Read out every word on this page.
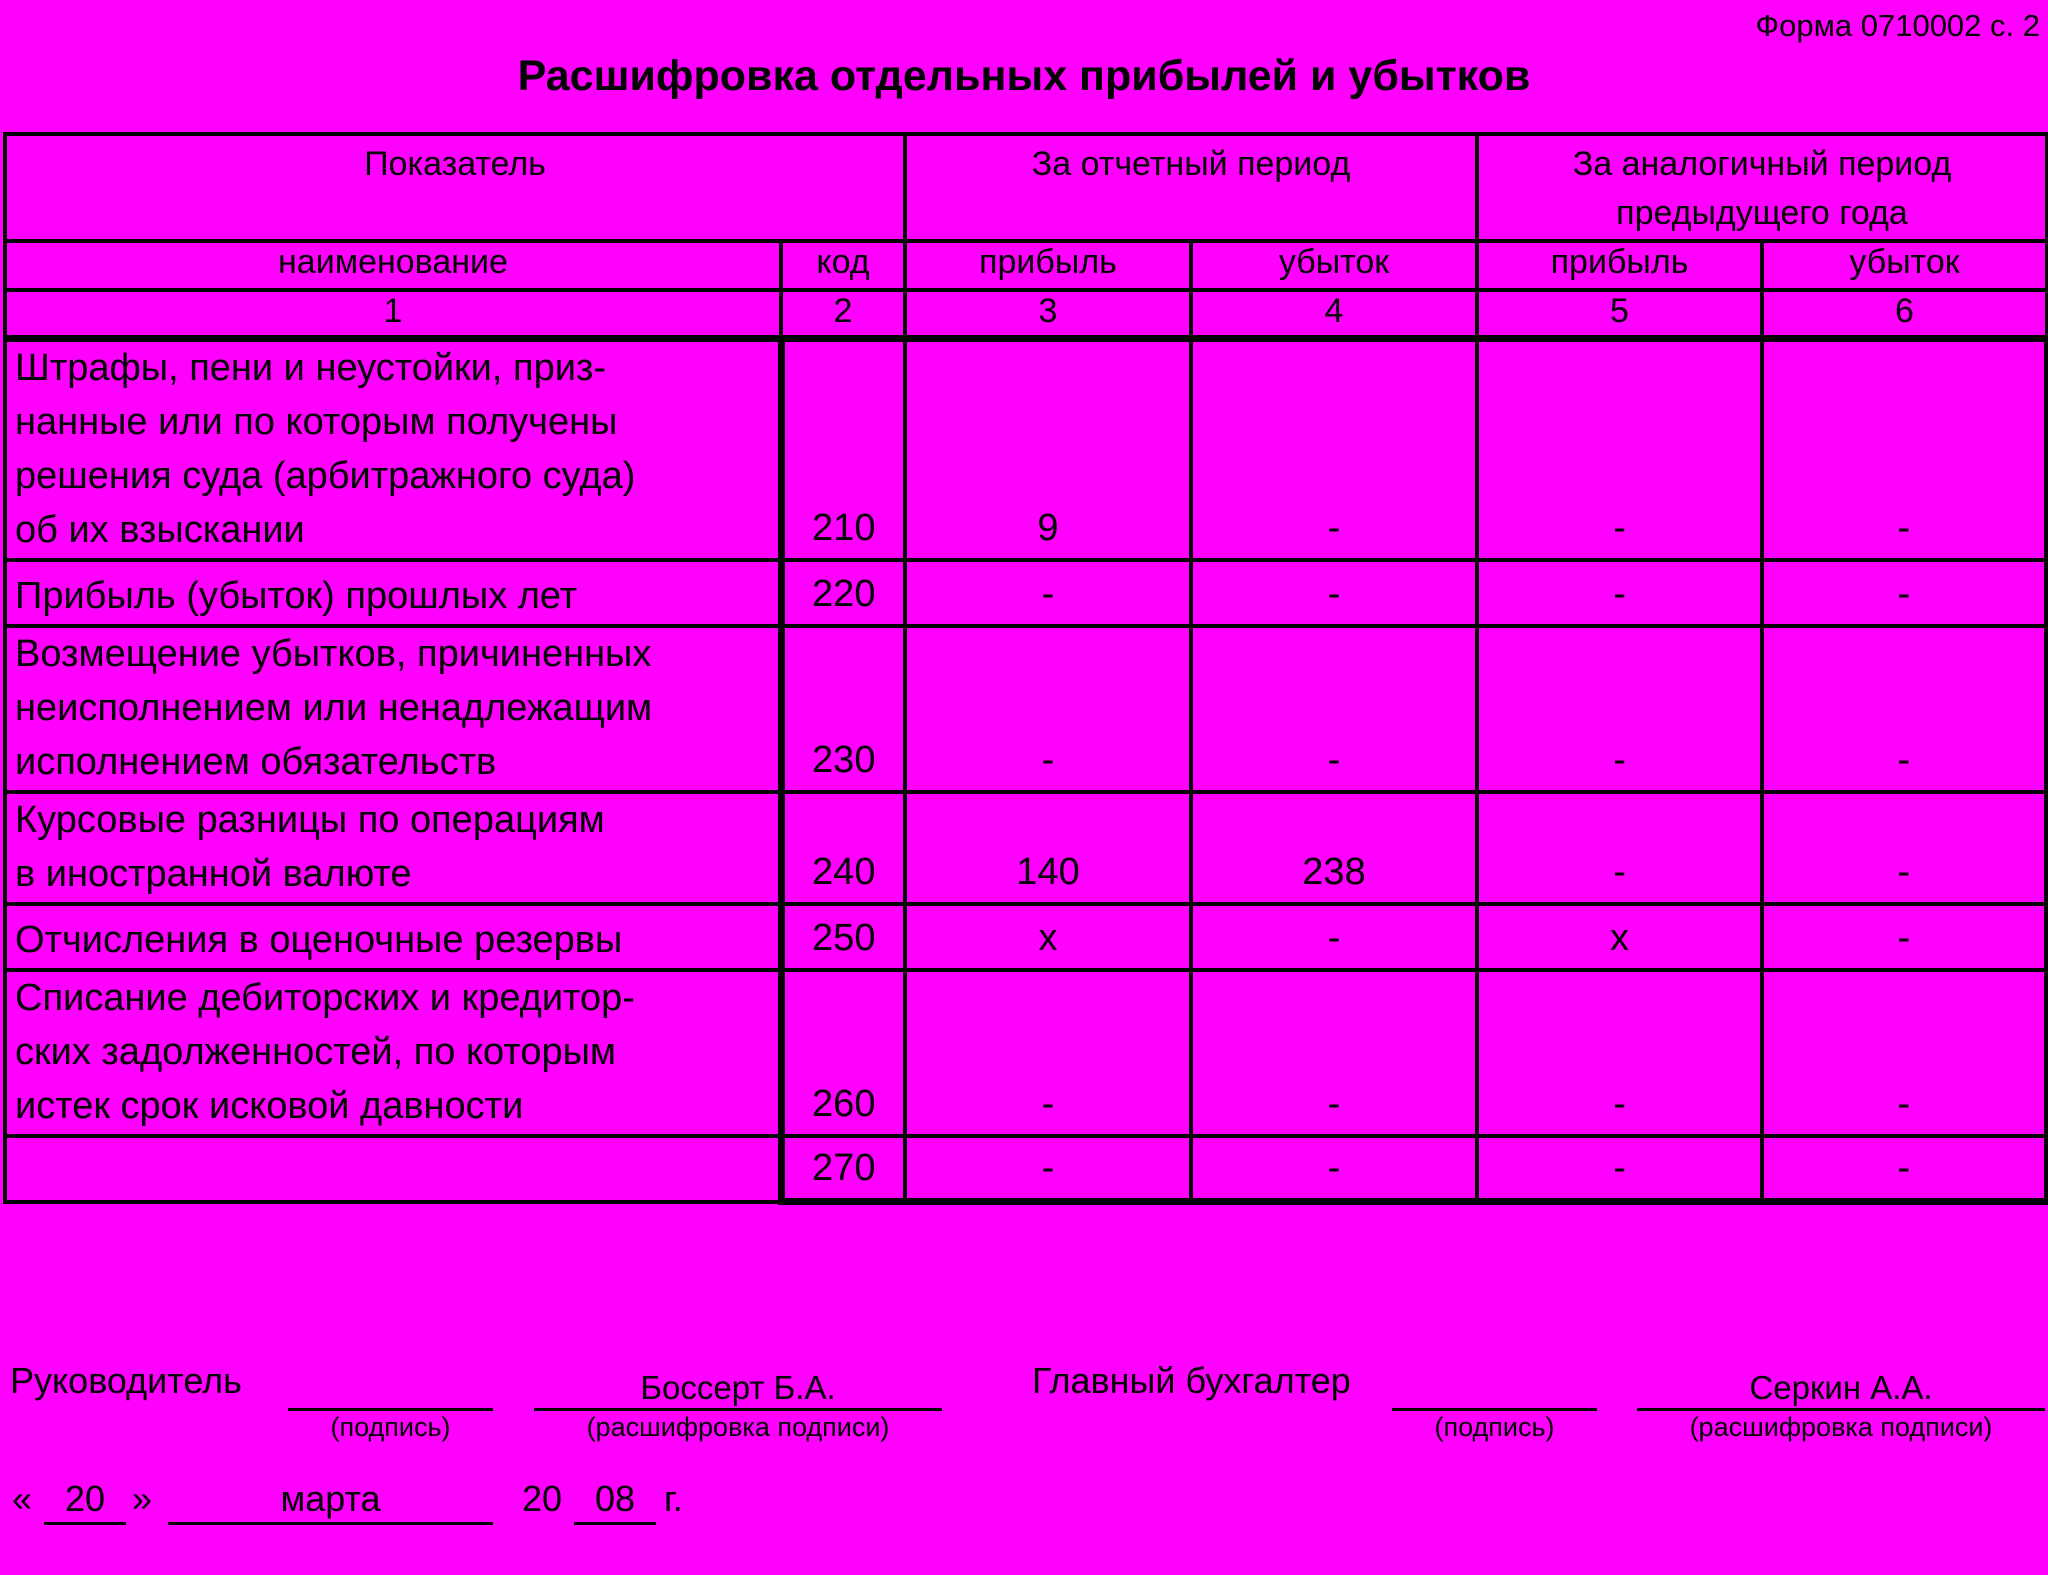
Форма 0710002 с. 2
Расшифровка отдельных прибылей и убытков
Показатель		За отчетный период		За аналогичный период предыдущего года	
наименование	код	прибыль	убыток	прибыль	убыток
1	2	3	4	5	6

Штрафы, пени и неустойки, приз-
нанные или по которым получены
решения суда (арбитражного суда)
об их взыскании	210	9	-	-	-

Прибыль (убыток) прошлых лет	220	-	-	-	-

Возмещение убытков, причиненных
неисполнением или ненадлежащим
исполнением обязательств	230	-	-	-	-

Курсовые разницы по операциям
в иностранной валюте	240	140	238	-	-

Отчисления в оценочные резервы	250	х	-	х	-

Списание дебиторских и кредитор-
ских задолженностей, по которым
истек срок исковой давности	260	-	-	-	-

	270	-	-	-	-
Руководитель
(подпись)
Боссерт Б.А.
(расшифровка подписи)
Главный бухгалтер
(подпись)
Серкин А.А.
(расшифровка подписи)
« 20 »	марта	20 08 г.
